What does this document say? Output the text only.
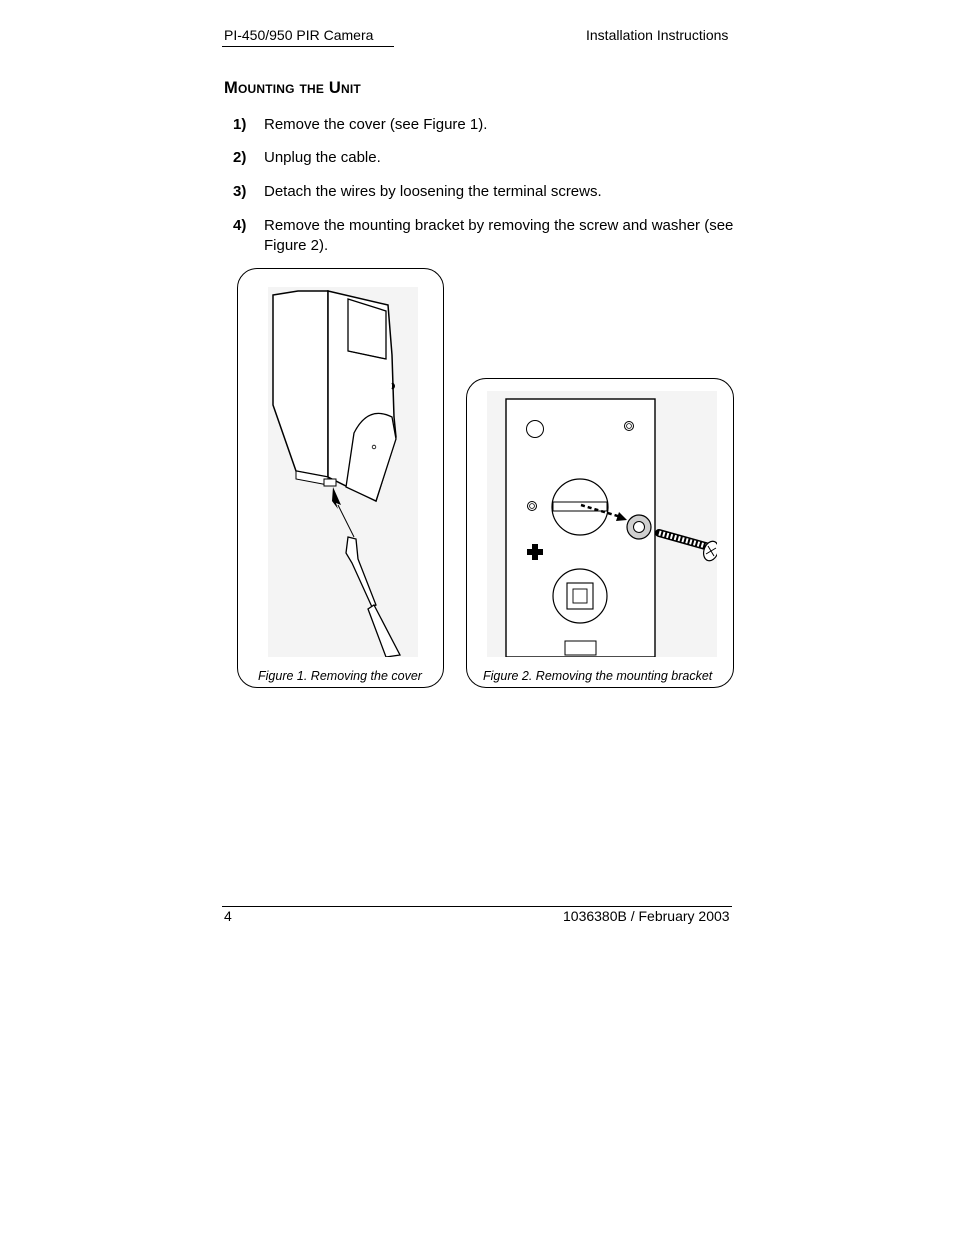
PI-450/950 PIR Camera	Installation Instructions
Mounting the Unit
1) Remove the cover (see Figure 1).
2) Unplug the cable.
3) Detach the wires by loosening the terminal screws.
4) Remove the mounting bracket by removing the screw and washer (see Figure 2).
Figure 1. Removing the cover	Figure 2. Removing the mounting bracket
4	1036380B / February 2003
